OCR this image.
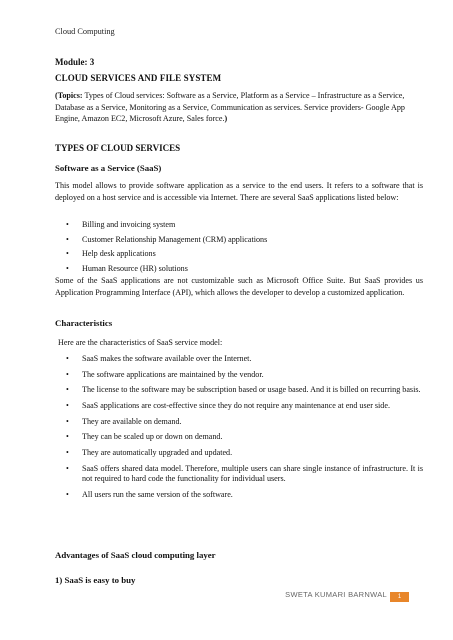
Cloud Computing
Module: 3
CLOUD SERVICES AND FILE SYSTEM
(Topics: Types of Cloud services: Software as a Service, Platform as a Service – Infrastructure as a Service, Database as a Service, Monitoring as a Service, Communication as services. Service providers- Google App Engine, Amazon EC2, Microsoft Azure, Sales force.)
TYPES OF CLOUD SERVICES
Software as a Service (SaaS)
This model allows to provide software application as a service to the end users. It refers to a software that is deployed on a host service and is accessible via Internet. There are several SaaS applications listed below:
• Billing and invoicing system
• Customer Relationship Management (CRM) applications
• Help desk applications
• Human Resource (HR) solutions
Some of the SaaS applications are not customizable such as Microsoft Office Suite. But SaaS provides us Application Programming Interface (API), which allows the developer to develop a customized application.
Characteristics
Here are the characteristics of SaaS service model:
• SaaS makes the software available over the Internet.
• The software applications are maintained by the vendor.
• The license to the software may be subscription based or usage based. And it is billed on recurring basis.
• SaaS applications are cost-effective since they do not require any maintenance at end user side.
• They are available on demand.
• They can be scaled up or down on demand.
• They are automatically upgraded and updated.
• SaaS offers shared data model. Therefore, multiple users can share single instance of infrastructure. It is not required to hard code the functionality for individual users.
• All users run the same version of the software.
Advantages of SaaS cloud computing layer
1) SaaS is easy to buy
SWETA KUMARI BARNWAL	1
